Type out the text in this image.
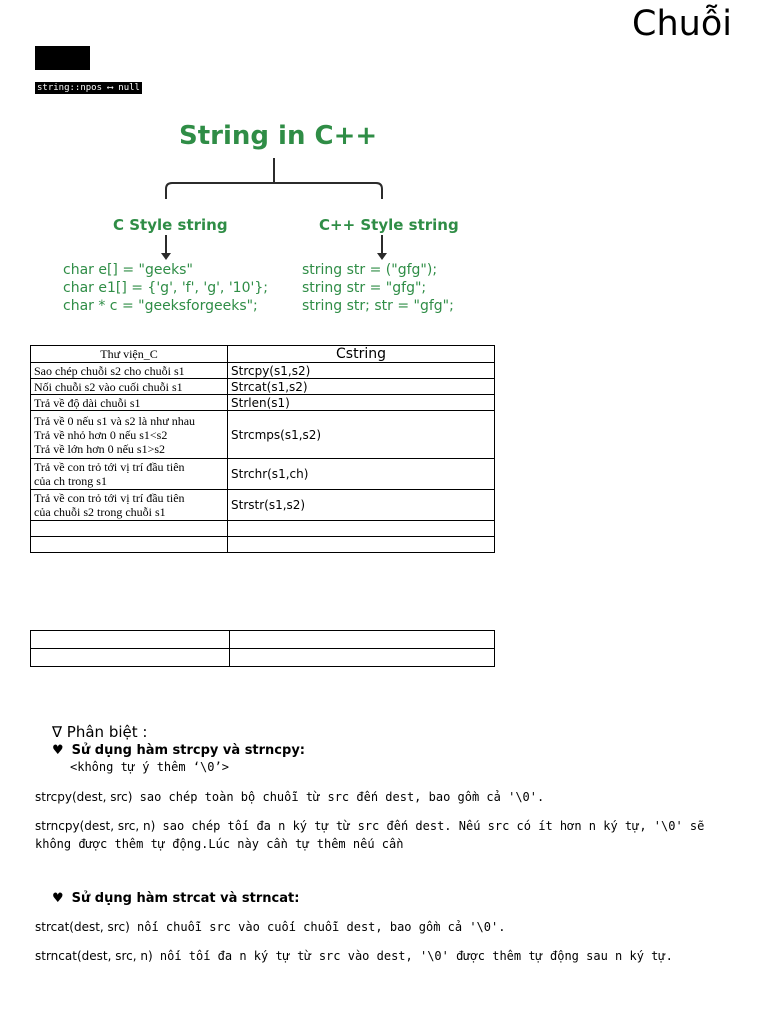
Chuỗi
lưu ý
string::npos ⟷ null
String in C++
C Style string	C++ Style string
char e[] = "geeks"
char e1[] = {'g', 'f', 'g', '10'};
char * c = "geeksforgeeks";
string str = ("gfg");
string str = "gfg";
string str; str = "gfg";
Thư viện_C	Cstring

Sao chép chuỗi s2 cho chuỗi s1	Strcpy(s1,s2)

Nối chuỗi s2 vào cuối chuỗi s1	Strcat(s1,s2)

Trả về độ dài chuỗi s1	Strlen(s1)

Trả về 0 nếu s1 và s2 là như nhau
Trả về nhỏ hơn 0 nếu s1<s2
Trả về lớn hơn 0 nếu s1>s2	Strcmps(s1,s2)

Trả về con trỏ tới vị trí đầu tiên
của ch trong s1	Strchr(s1,ch)

Trả về con trỏ tới vị trí đầu tiên
của chuỗi s2 trong chuỗi s1	Strstr(s1,s2)

∇ Phân biệt :
♥ Sử dụng hàm strcpy và strncpy:
<không tự ý thêm ‘\0’>
strcpy(dest, src) sao chép toàn bộ chuỗi từ src đến dest, bao gồm cả '\0'.
strncpy(dest, src, n) sao chép tối đa n ký tự từ src đến dest. Nếu src có ít hơn n ký tự, '\0' sẽ không được thêm tự động.Lúc này cần tự thêm nếu cần
♥ Sử dụng hàm strcat và strncat:
strcat(dest, src) nối chuỗi src vào cuối chuỗi dest, bao gồm cả '\0'.
strncat(dest, src, n) nối tối đa n ký tự từ src vào dest, '\0' được thêm tự động sau n ký tự.
